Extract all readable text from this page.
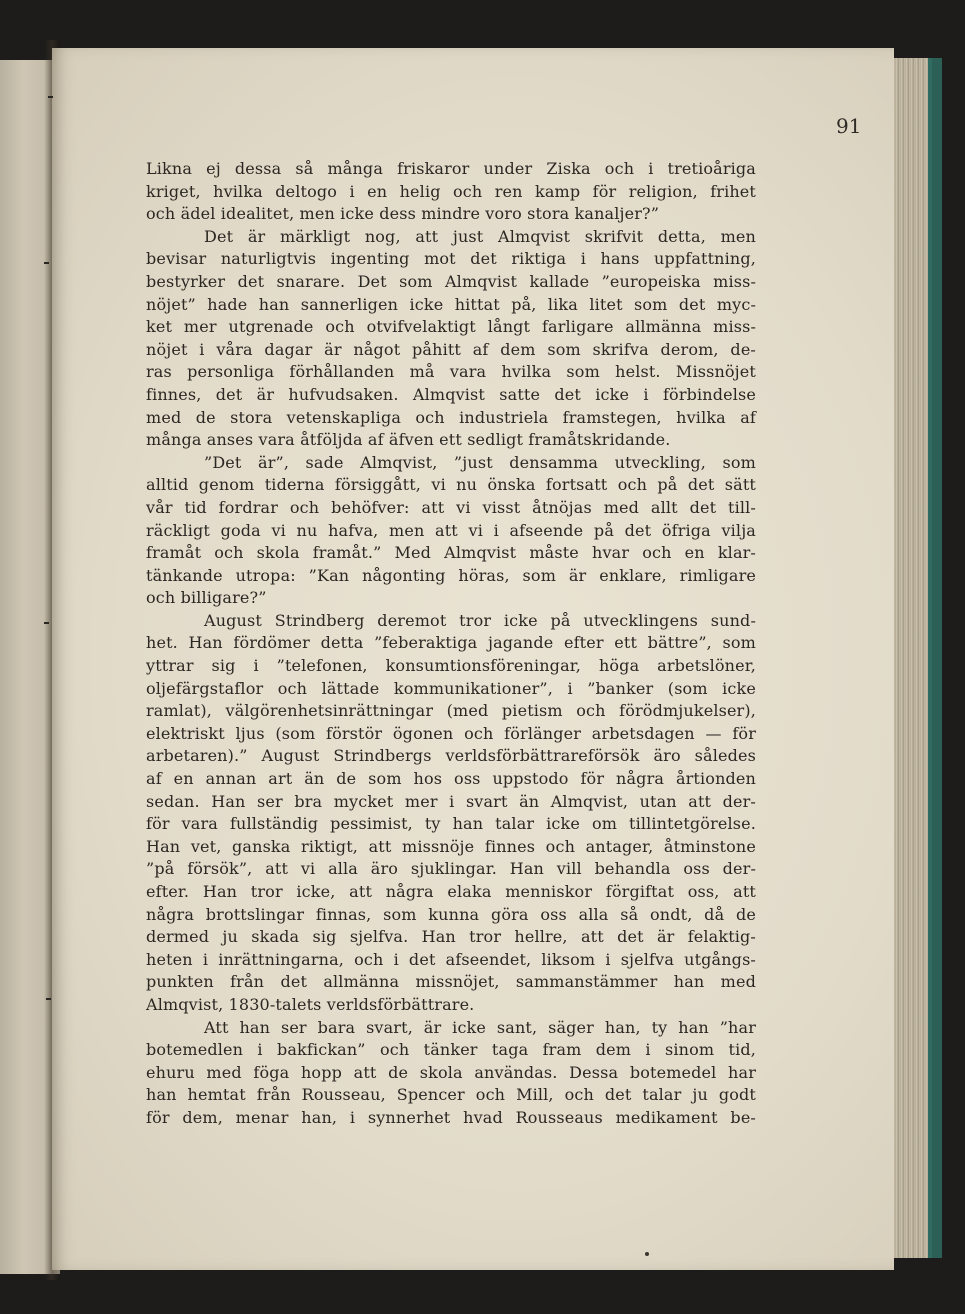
91

Likna ej dessa så många friskaror under Ziska och i tretioåriga
kriget, hvilka deltogo i en helig och ren kamp för religion, frihet
och ädel idealitet, men icke dess mindre voro stora kanaljer?”
Det är märkligt nog, att just Almqvist skrifvit detta, men
bevisar naturligtvis ingenting mot det riktiga i hans uppfattning,
bestyrker det snarare. Det som Almqvist kallade ”europeiska miss-
nöjet” hade han sannerligen icke hittat på, lika litet som det myc-
ket mer utgrenade och otvifvelaktigt långt farligare allmänna miss-
nöjet i våra dagar är något påhitt af dem som skrifva derom, de-
ras personliga förhållanden må vara hvilka som helst. Missnöjet
finnes, det är hufvudsaken. Almqvist satte det icke i förbindelse
med de stora vetenskapliga och industriela framstegen, hvilka af
många anses vara åtföljda af äfven ett sedligt framåtskridande.
”Det är”, sade Almqvist, ”just densamma utveckling, som
alltid genom tiderna försiggått, vi nu önska fortsatt och på det sätt
vår tid fordrar och behöfver: att vi visst åtnöjas med allt det till-
räckligt goda vi nu hafva, men att vi i afseende på det öfriga vilja
framåt och skola framåt.” Med Almqvist måste hvar och en klar-
tänkande utropa: ”Kan någonting höras, som är enklare, rimligare
och billigare?”
August Strindberg deremot tror icke på utvecklingens sund-
het. Han fördömer detta ”feberaktiga jagande efter ett bättre”, som
yttrar sig i ”telefonen, konsumtionsföreningar, höga arbetslöner,
oljefärgstaflor och lättade kommunikationer”, i ”banker (som icke
ramlat), välgörenhetsinrättningar (med pietism och förödmjukelser),
elektriskt ljus (som förstör ögonen och förlänger arbetsdagen — för
arbetaren).” August Strindbergs verldsförbättrareförsök äro således
af en annan art än de som hos oss uppstodo för några årtionden
sedan. Han ser bra mycket mer i svart än Almqvist, utan att der-
för vara fullständig pessimist, ty han talar icke om tillintetgörelse.
Han vet, ganska riktigt, att missnöje finnes och antager, åtminstone
”på försök”, att vi alla äro sjuklingar. Han vill behandla oss der-
efter. Han tror icke, att några elaka menniskor förgiftat oss, att
några brottslingar finnas, som kunna göra oss alla så ondt, då de
dermed ju skada sig sjelfva. Han tror hellre, att det är felaktig-
heten i inrättningarna, och i det afseendet, liksom i sjelfva utgångs-
punkten från det allmänna missnöjet, sammanstämmer han med
Almqvist, 1830-talets verldsförbättrare.
Att han ser bara svart, är icke sant, säger han, ty han ”har
botemedlen i bakfickan” och tänker taga fram dem i sinom tid,
ehuru med föga hopp att de skola användas. Dessa botemedel har
han hemtat från Rousseau, Spencer och Mill, och det talar ju godt
för dem, menar han, i synnerhet hvad Rousseaus medikament be-
